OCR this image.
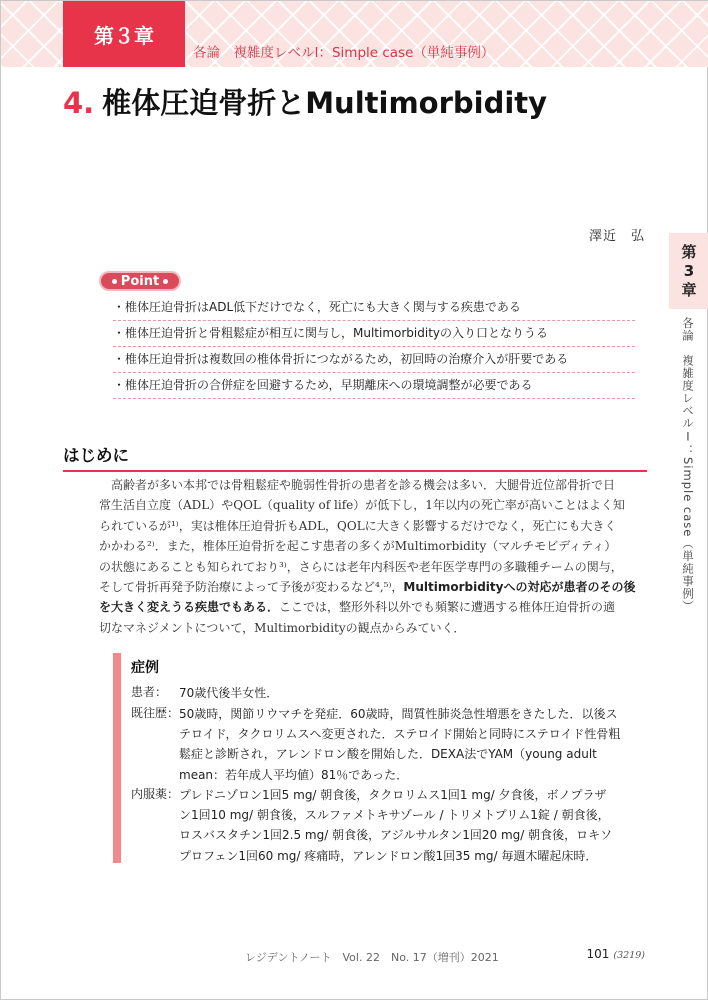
第３章
各論　複雑度レベルⅠ：Simple case（単純事例）
4. 椎体圧迫骨折とMultimorbidity
澤近　弘
第
3
章
各論　複雑度レベルⅠ：Simple case（単純事例）
Point
・椎体圧迫骨折はADL低下だけでなく，死亡にも大きく関与する疾患である
・椎体圧迫骨折と骨粗鬆症が相互に関与し，Multimorbidityの入り口となりうる
・椎体圧迫骨折は複数回の椎体骨折につながるため，初回時の治療介入が肝要である
・椎体圧迫骨折の合併症を回避するため，早期離床への環境調整が必要である
はじめに

高齢者が多い本邦では骨粗鬆症や脆弱性骨折の患者を診る機会は多い．大腿骨近位部骨折で日
常生活自立度（ADL）やQOL（quality of life）が低下し，1年以内の死亡率が高いことはよく知
られているが¹⁾，実は椎体圧迫骨折もADL，QOLに大きく影響するだけでなく，死亡にも大きく
かかわる²⁾．また，椎体圧迫骨折を起こす患者の多くがMultimorbidity（マルチモビディティ）
の状態にあることも知られており³⁾，さらには老年内科医や老年医学専門の多職種チームの関与，
そして骨折再発予防治療によって予後が変わるなど⁴,⁵⁾，Multimorbidityへの対応が患者のその後
を大きく変えうる疾患でもある．ここでは，整形外科以外でも頻繁に遭遇する椎体圧迫骨折の適
切なマネジメントについて，Multimorbidityの観点からみていく．

症例
患者： 70歳代後半女性．
既往歴： 50歳時，関節リウマチを発症．60歳時，間質性肺炎急性増悪をきたした．以後ス
テロイド，タクロリムスへ変更された．ステロイド開始と同時にステロイド性骨粗
鬆症と診断され，アレンドロン酸を開始した．DEXA法でYAM（young adult
mean：若年成人平均値）81％であった．
内服薬： プレドニゾロン1回5 mg/ 朝食後，タクロリムス1回1 mg/ 夕食後，ボノプラザ
ン1回10 mg/ 朝食後，スルファメトキサゾール / トリメトプリム1錠 / 朝食後，
ロスバスタチン1回2.5 mg/ 朝食後，アジルサルタン1回20 mg/ 朝食後，ロキソ
プロフェン1回60 mg/ 疼痛時，アレンドロン酸1回35 mg/ 毎週木曜起床時．
レジデントノート　Vol. 22　No. 17（増刊）2021	101 (3219)
